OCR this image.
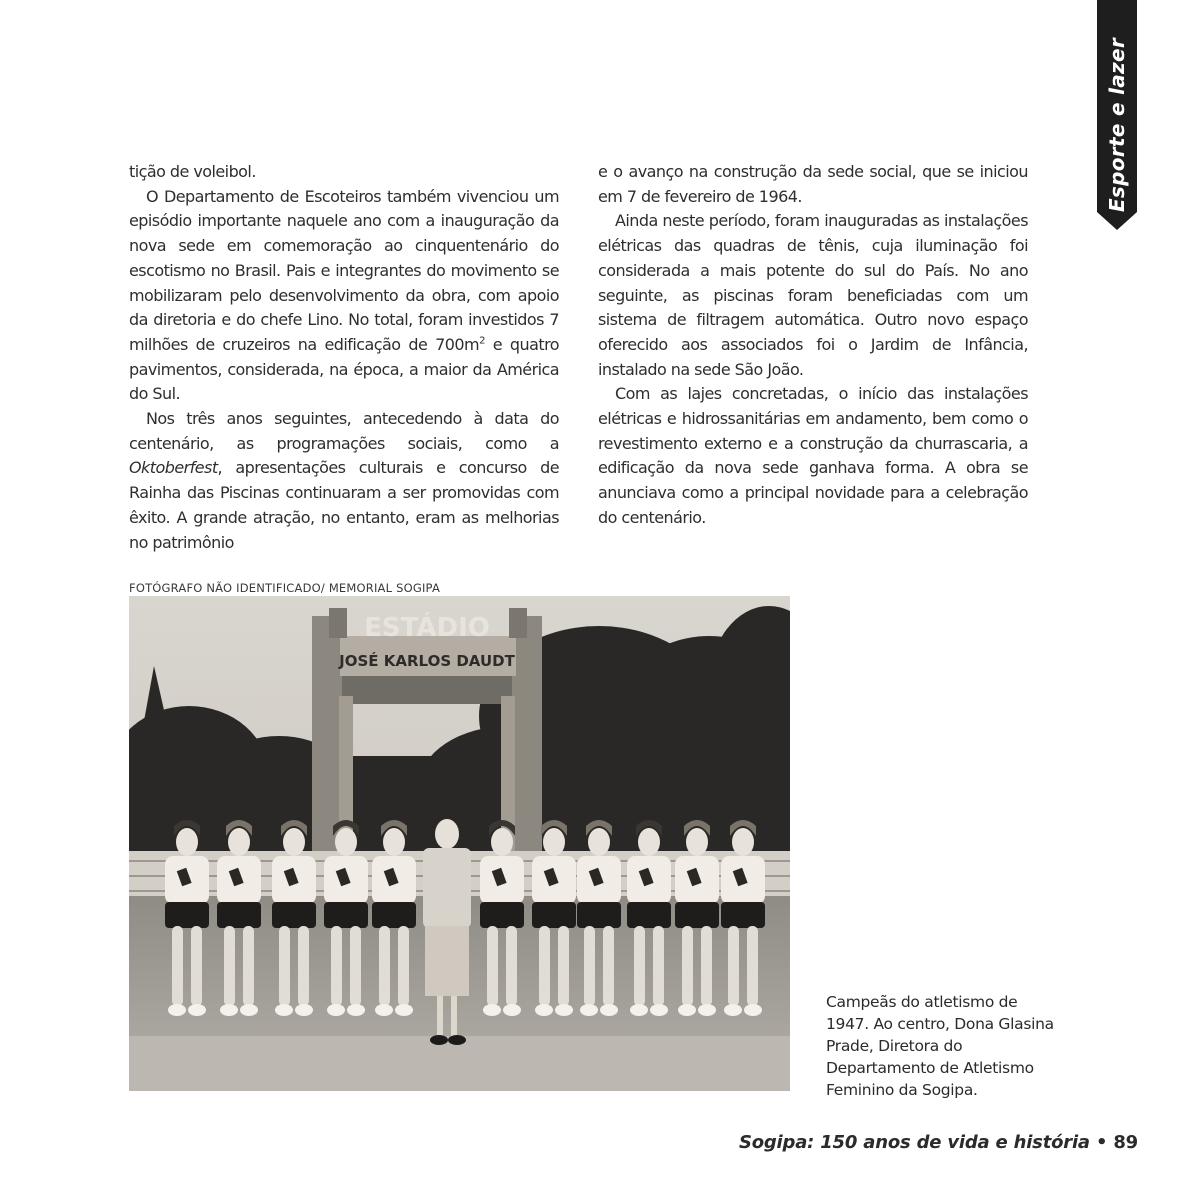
Esporte e lazer

tição de voleibol.

O Departamento de Escoteiros também vivenciou um episódio importante naquele ano com a inauguração da nova sede em comemoração ao cinquentenário do escotismo no Brasil. Pais e integrantes do movimento se mobilizaram pelo desenvolvimento da obra, com apoio da diretoria e do chefe Lino. No total, foram investidos 7 milhões de cruzeiros na edificação de $700m^2$ e quatro pavimentos, considerada, na época, a maior da América do Sul.

Nos três anos seguintes, antecedendo à data do centenário, as programações sociais, como a Oktoberfest, apresentações culturais e concurso de Rainha das Piscinas continuaram a ser promovidas com êxito. A grande atração, no entanto, eram as melhorias no patrimônio

e o avanço na construção da sede social, que se iniciou em 7 de fevereiro de 1964.

Ainda neste período, foram inauguradas as instalações elétricas das quadras de tênis, cuja iluminação foi considerada a mais potente do sul do País. No ano seguinte, as piscinas foram beneficiadas com um sistema de filtragem automática. Outro novo espaço oferecido aos associados foi o Jardim de Infância, instalado na sede São João.

Com as lajes concretadas, o início das instalações elétricas e hidrossanitárias em andamento, bem como o revestimento externo e a construção da churrascaria, a edificação da nova sede ganhava forma. A obra se anunciava como a principal novidade para a celebração do centenário.

FOTÓGRAFO NÃO IDENTIFICADO/ MEMORIAL SOGIPA
ESTÁDIO
JOSÉ KARLOS DAUDT
Campeãs do atletismo de 1947. Ao centro, Dona Glasina Prade, Diretora do Departamento de Atletismo Feminino da Sogipa.
Sogipa: 150 anos de vida e história • 89
